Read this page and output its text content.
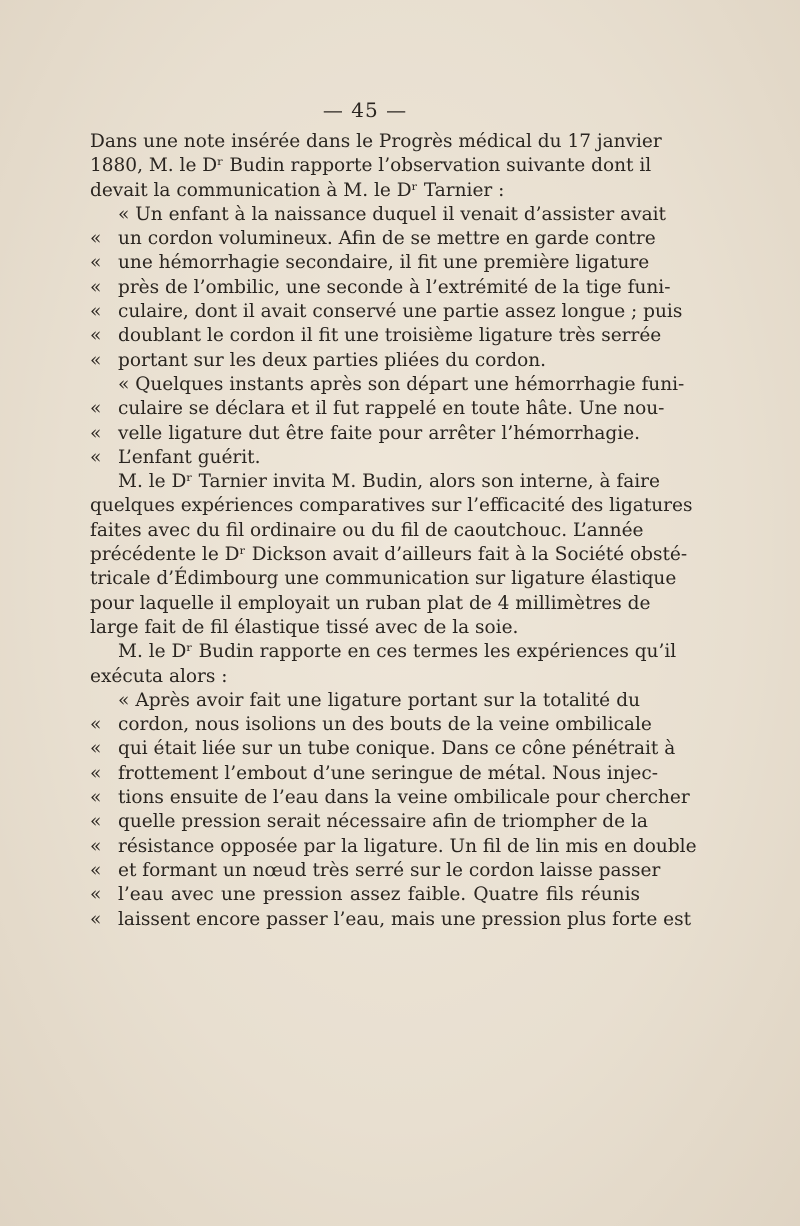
— 45 —
Dans une note insérée dans le Progrès médical du 17 janvier
1880, M. le Dʳ Budin rapporte l’observation suivante dont il
devait la communication à M. le Dʳ Tarnier :
« Un enfant à la naissance duquel il venait d’assister avait
« un cordon volumineux. Afin de se mettre en garde contre
« une hémorrhagie secondaire, il fit une première ligature
« près de l’ombilic, une seconde à l’extrémité de la tige funi-
« culaire, dont il avait conservé une partie assez longue ; puis
« doublant le cordon il fit une troisième ligature très serrée
« portant sur les deux parties pliées du cordon.
« Quelques instants après son départ une hémorrhagie funi-
« culaire se déclara et il fut rappelé en toute hâte. Une nou-
« velle ligature dut être faite pour arrêter l’hémorrhagie.
« L’enfant guérit.
M. le Dʳ Tarnier invita M. Budin, alors son interne, à faire
quelques expériences comparatives sur l’efficacité des ligatures
faites avec du fil ordinaire ou du fil de caoutchouc. L’année
précédente le Dʳ Dickson avait d’ailleurs fait à la Société obsté-
tricale d’Édimbourg une communication sur ligature élastique
pour laquelle il employait un ruban plat de 4 millimètres de
large fait de fil élastique tissé avec de la soie.
M. le Dʳ Budin rapporte en ces termes les expériences qu’il
exécuta alors :
« Après avoir fait une ligature portant sur la totalité du
« cordon, nous isolions un des bouts de la veine ombilicale
« qui était liée sur un tube conique. Dans ce cône pénétrait à
« frottement l’embout d’une seringue de métal. Nous injec-
« tions ensuite de l’eau dans la veine ombilicale pour chercher
« quelle pression serait nécessaire afin de triompher de la
« résistance opposée par la ligature. Un fil de lin mis en double
« et formant un nœud très serré sur le cordon laisse passer
« l’eau avec une pression assez faible. Quatre fils réunis
« laissent encore passer l’eau, mais une pression plus forte est
